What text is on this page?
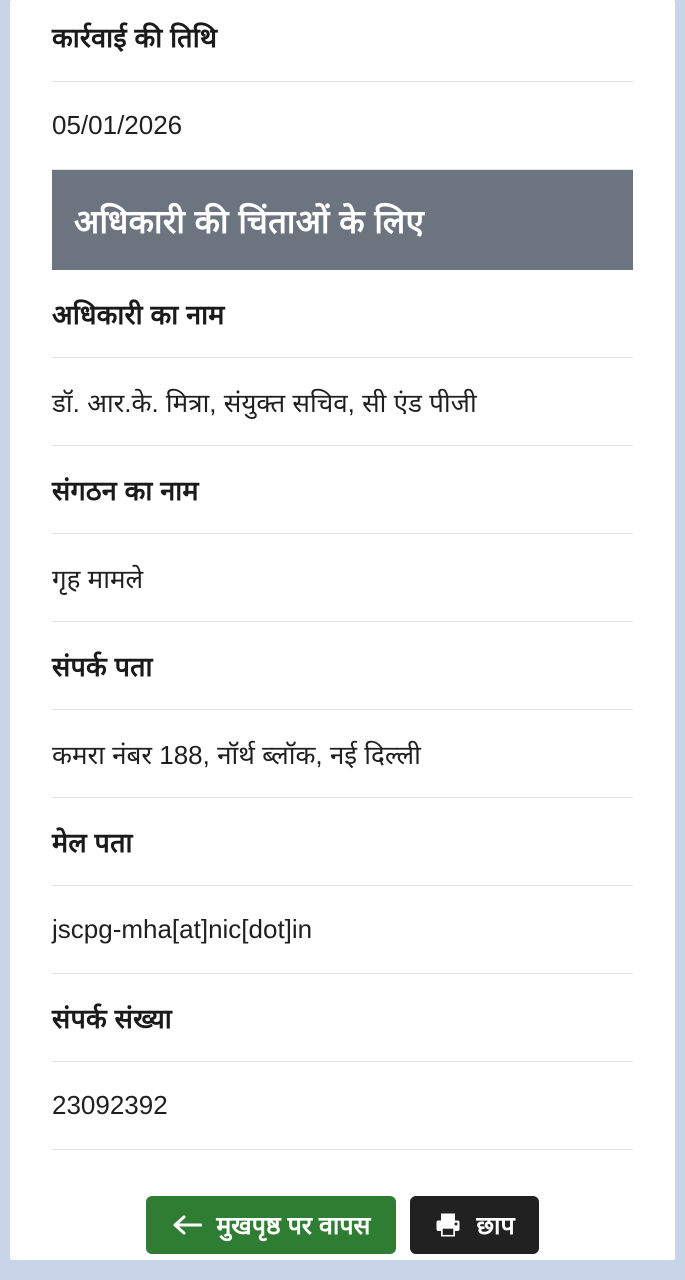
कार्रवाई की तिथि
05/01/2026
अधिकारी की चिंताओं के लिए
अधिकारी का नाम
डॉ. आर.के. मित्रा, संयुक्त सचिव, सी एंड पीजी
संगठन का नाम
गृह मामले
संपर्क पता
कमरा नंबर 188, नॉर्थ ब्लॉक, नई दिल्ली
मेल पता
jscpg-mha[at]nic[dot]in
संपर्क संख्या
23092392
मुखपृष्ठ पर वापस	छाप
